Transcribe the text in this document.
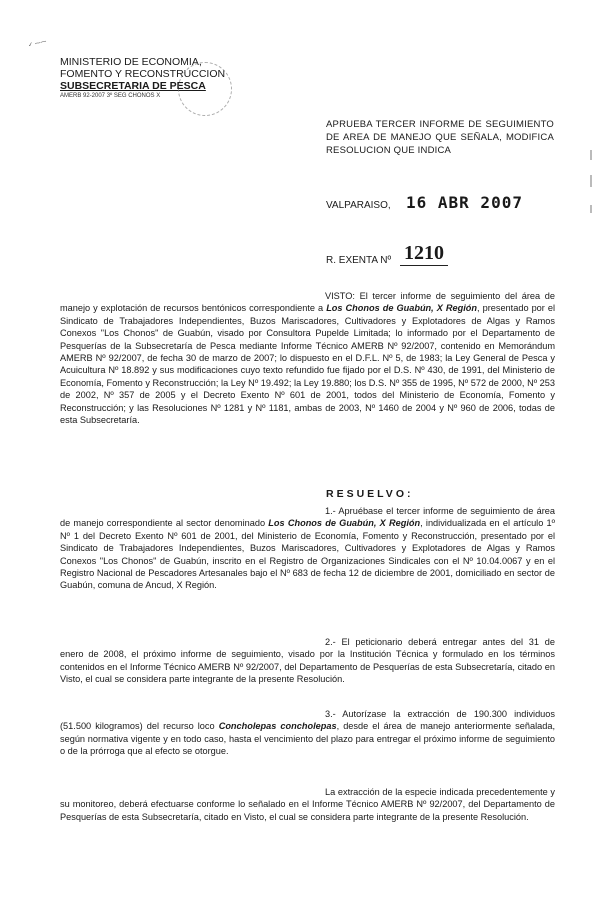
✓ ⁓⁓
MINISTERIO DE ECONOMIA,
FOMENTO Y RECONSTRUCCION
SUBSECRETARIA DE PESCA
AMERB 92-2007 3º SEG CHONOS X
APRUEBA TERCER INFORME DE SEGUIMIENTO DE AREA DE MANEJO QUE SEÑALA, MODIFICA RESOLUCION QUE INDICA
VALPARAISO, 16 ABR 2007
R. EXENTA Nº 1210
VISTO: El tercer informe de seguimiento del área de manejo y explotación de recursos bentónicos correspondiente a Los Chonos de Guabún, X Región, presentado por el Sindicato de Trabajadores Independientes, Buzos Mariscadores, Cultivadores y Explotadores de Algas y Ramos Conexos "Los Chonos" de Guabún, visado por Consultora Pupelde Limitada; lo informado por el Departamento de Pesquerías de la Subsecretaría de Pesca mediante Informe Técnico AMERB Nº 92/2007, contenido en Memorándum AMERB Nº 92/2007, de fecha 30 de marzo de 2007; lo dispuesto en el D.F.L. Nº 5, de 1983; la Ley General de Pesca y Acuicultura Nº 18.892 y sus modificaciones cuyo texto refundido fue fijado por el D.S. Nº 430, de 1991, del Ministerio de Economía, Fomento y Reconstrucción; la Ley Nº 19.492; la Ley 19.880; los D.S. Nº 355 de 1995, Nº 572 de 2000, Nº 253 de 2002, Nº 357 de 2005 y el Decreto Exento Nº 601 de 2001, todos del Ministerio de Economía, Fomento y Reconstrucción; y las Resoluciones Nº 1281 y Nº 1181, ambas de 2003, Nº 1460 de 2004 y Nº 960 de 2006, todas de esta Subsecretaría.
RESUELVO:
1.- Apruébase el tercer informe de seguimiento de área de manejo correspondiente al sector denominado Los Chonos de Guabún, X Región, individualizada en el artículo 1º Nº 1 del Decreto Exento Nº 601 de 2001, del Ministerio de Economía, Fomento y Reconstrucción, presentado por el Sindicato de Trabajadores Independientes, Buzos Mariscadores, Cultivadores y Explotadores de Algas y Ramos Conexos "Los Chonos" de Guabún, inscrito en el Registro de Organizaciones Sindicales con el Nº 10.04.0067 y en el Registro Nacional de Pescadores Artesanales bajo el Nº 683 de fecha 12 de diciembre de 2001, domiciliado en sector de Guabún, comuna de Ancud, X Región.
2.- El peticionario deberá entregar antes del 31 de enero de 2008, el próximo informe de seguimiento, visado por la Institución Técnica y formulado en los términos contenidos en el Informe Técnico AMERB Nº 92/2007, del Departamento de Pesquerías de esta Subsecretaría, citado en Visto, el cual se considera parte integrante de la presente Resolución.
3.- Autorízase la extracción de 190.300 individuos (51.500 kilogramos) del recurso loco Concholepas concholepas, desde el área de manejo anteriormente señalada, según normativa vigente y en todo caso, hasta el vencimiento del plazo para entregar el próximo informe de seguimiento o de la prórroga que al efecto se otorgue.
La extracción de la especie indicada precedentemente y su monitoreo, deberá efectuarse conforme lo señalado en el Informe Técnico AMERB Nº 92/2007, del Departamento de Pesquerías de esta Subsecretaría, citado en Visto, el cual se considera parte integrante de la presente Resolución.
